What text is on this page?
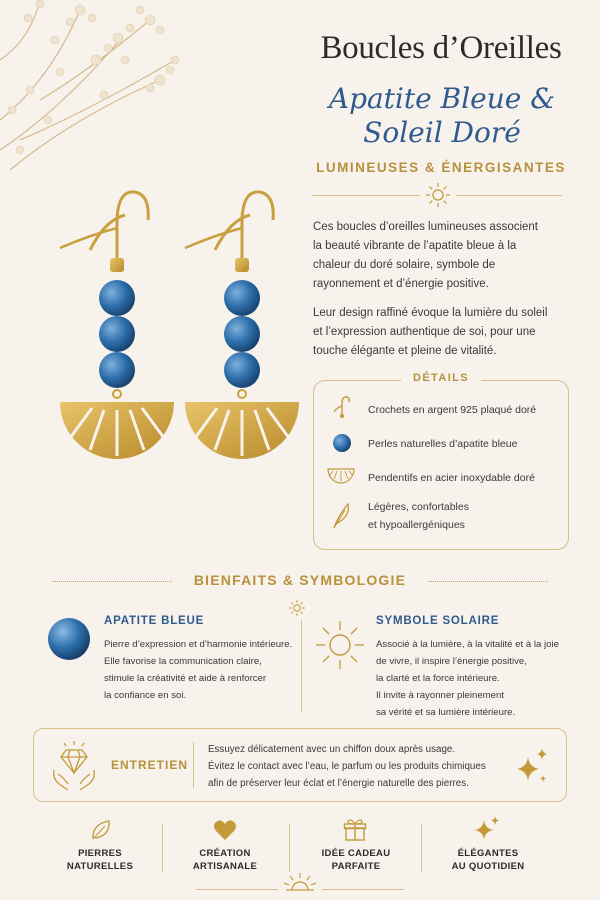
Boucles d’Oreilles
Apatite Bleue &
Soleil Doré
LUMINEUSES & ÉNERGISANTES
Ces boucles d’oreilles lumineuses associent
la beauté vibrante de l’apatite bleue à la
chaleur du doré solaire, symbole de
rayonnement et d’énergie positive.
Leur design raffiné évoque la lumière du soleil
et l’expression authentique de soi, pour une
touche élégante et pleine de vitalité.
DÉTAILS
Crochets en argent 925 plaqué doré
Perles naturelles d’apatite bleue
Pendentifs en acier inoxydable doré
Légères, confortables
et hypoallergéniques
BIENFAITS & SYMBOLOGIE
APATITE BLEUE
Pierre d’expression et d’harmonie intérieure.
Elle favorise la communication claire,
stimule la créativité et aide à renforcer
la confiance en soi.
SYMBOLE SOLAIRE
Associé à la lumière, à la vitalité et à la joie
de vivre, il inspire l’énergie positive,
la clarté et la force intérieure.
Il invite à rayonner pleinement
sa vérité et sa lumière intérieure.
ENTRETIEN
Essuyez délicatement avec un chiffon doux après usage.
Évitez le contact avec l’eau, le parfum ou les produits chimiques
afin de préserver leur éclat et l’énergie naturelle des pierres.
PIERRES
NATURELLES
CRÉATION
ARTISANALE
IDÉE CADEAU
PARFAITE
ÉLÉGANTES
AU QUOTIDIEN
